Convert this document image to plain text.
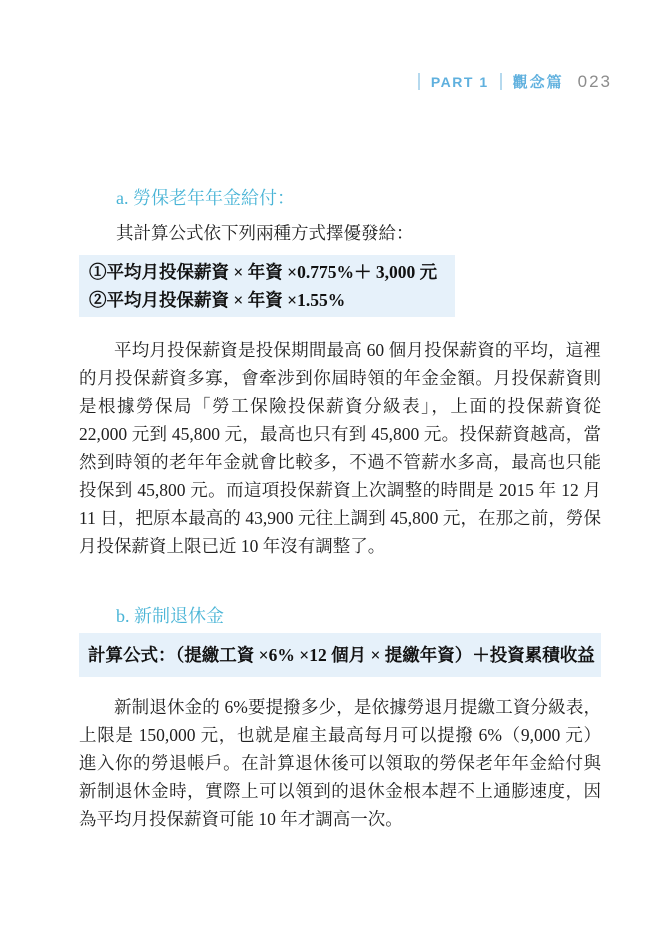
PART 1 觀念篇 023
a. 勞保老年年金給付：
其計算公式依下列兩種方式擇優發給：
①平均月投保薪資 × 年資 ×0.775%＋ 3,000 元
②平均月投保薪資 × 年資 ×1.55%

平均月投保薪資是投保期間最高 60 個月投保薪資的平均，這裡的月投保薪資多寡，會牽涉到你屆時領的年金金額。月投保薪資則是根據勞保局「勞工保險投保薪資分級表」，上面的投保薪資從 22,000 元到 45,800 元，最高也只有到 45,800 元。投保薪資越高，當然到時領的老年年金就會比較多，不過不管薪水多高，最高也只能投保到 45,800 元。而這項投保薪資上次調整的時間是 2015 年 12 月 11 日，把原本最高的 43,900 元往上調到 45,800 元，在那之前，勞保月投保薪資上限已近 10 年沒有調整了。

b. 新制退休金
計算公式：（提繳工資 ×6% ×12 個月 × 提繳年資）＋投資累積收益

新制退休金的 6%要提撥多少，是依據勞退月提繳工資分級表，上限是 150,000 元，也就是雇主最高每月可以提撥 6%（9,000 元）進入你的勞退帳戶。在計算退休後可以領取的勞保老年年金給付與新制退休金時，實際上可以領到的退休金根本趕不上通膨速度，因為平均月投保薪資可能 10 年才調高一次。
